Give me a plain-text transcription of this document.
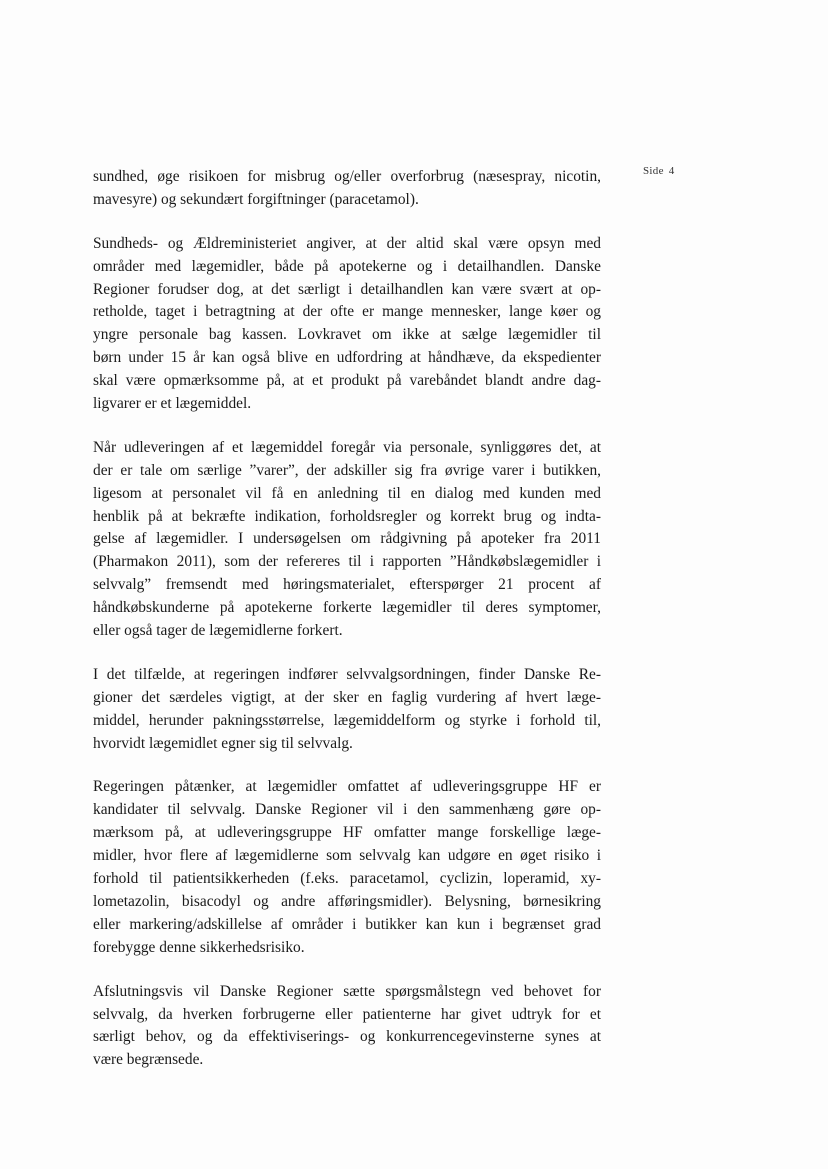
Side 4
sundhed, øge risikoen for misbrug og/eller overforbrug (næsespray, nicotin,
mavesyre) og sekundært forgiftninger (paracetamol).
Sundheds- og Ældreministeriet angiver, at der altid skal være opsyn med
områder med lægemidler, både på apotekerne og i detailhandlen. Danske
Regioner forudser dog, at det særligt i detailhandlen kan være svært at op-
retholde, taget i betragtning at der ofte er mange mennesker, lange køer og
yngre personale bag kassen. Lovkravet om ikke at sælge lægemidler til
børn under 15 år kan også blive en udfordring at håndhæve, da ekspedienter
skal være opmærksomme på, at et produkt på varebåndet blandt andre dag-
ligvarer er et lægemiddel.
Når udleveringen af et lægemiddel foregår via personale, synliggøres det, at
der er tale om særlige ”varer”, der adskiller sig fra øvrige varer i butikken,
ligesom at personalet vil få en anledning til en dialog med kunden med
henblik på at bekræfte indikation, forholdsregler og korrekt brug og indta-
gelse af lægemidler. I undersøgelsen om rådgivning på apoteker fra 2011
(Pharmakon 2011), som der refereres til i rapporten ”Håndkøbslægemidler i
selvvalg” fremsendt med høringsmaterialet, efterspørger 21 procent af
håndkøbskunderne på apotekerne forkerte lægemidler til deres symptomer,
eller også tager de lægemidlerne forkert.
I det tilfælde, at regeringen indfører selvvalgsordningen, finder Danske Re-
gioner det særdeles vigtigt, at der sker en faglig vurdering af hvert læge-
middel, herunder pakningsstørrelse, lægemiddelform og styrke i forhold til,
hvorvidt lægemidlet egner sig til selvvalg.
Regeringen påtænker, at lægemidler omfattet af udleveringsgruppe HF er
kandidater til selvvalg. Danske Regioner vil i den sammenhæng gøre op-
mærksom på, at udleveringsgruppe HF omfatter mange forskellige læge-
midler, hvor flere af lægemidlerne som selvvalg kan udgøre en øget risiko i
forhold til patientsikkerheden (f.eks. paracetamol, cyclizin, loperamid, xy-
lometazolin, bisacodyl og andre afføringsmidler). Belysning, børnesikring
eller markering/adskillelse af områder i butikker kan kun i begrænset grad
forebygge denne sikkerhedsrisiko.
Afslutningsvis vil Danske Regioner sætte spørgsmålstegn ved behovet for
selvvalg, da hverken forbrugerne eller patienterne har givet udtryk for et
særligt behov, og da effektiviserings- og konkurrencegevinsterne synes at
være begrænsede.
